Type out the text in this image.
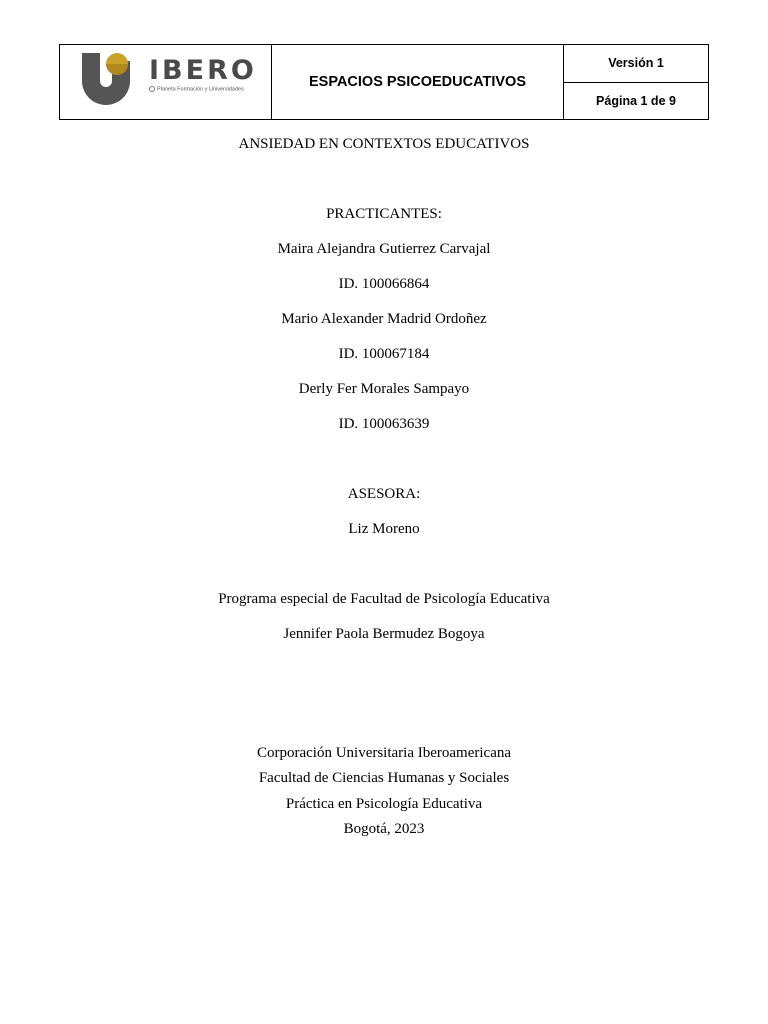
IBERO
Planeta Formación y Universidades	ESPACIOS PSICOEDUCATIVOS
Versión 1
Página 1 de 9
ANSIEDAD EN CONTEXTOS EDUCATIVOS
PRACTICANTES:
Maira Alejandra Gutierrez Carvajal
ID. 100066864
Mario Alexander Madrid Ordoñez
ID. 100067184
Derly Fer Morales Sampayo
ID. 100063639
ASESORA:
Liz Moreno
Programa especial de Facultad de Psicología Educativa
Jennifer Paola Bermudez Bogoya
Corporación Universitaria Iberoamericana
Facultad de Ciencias Humanas y Sociales
Práctica en Psicología Educativa
Bogotá, 2023
